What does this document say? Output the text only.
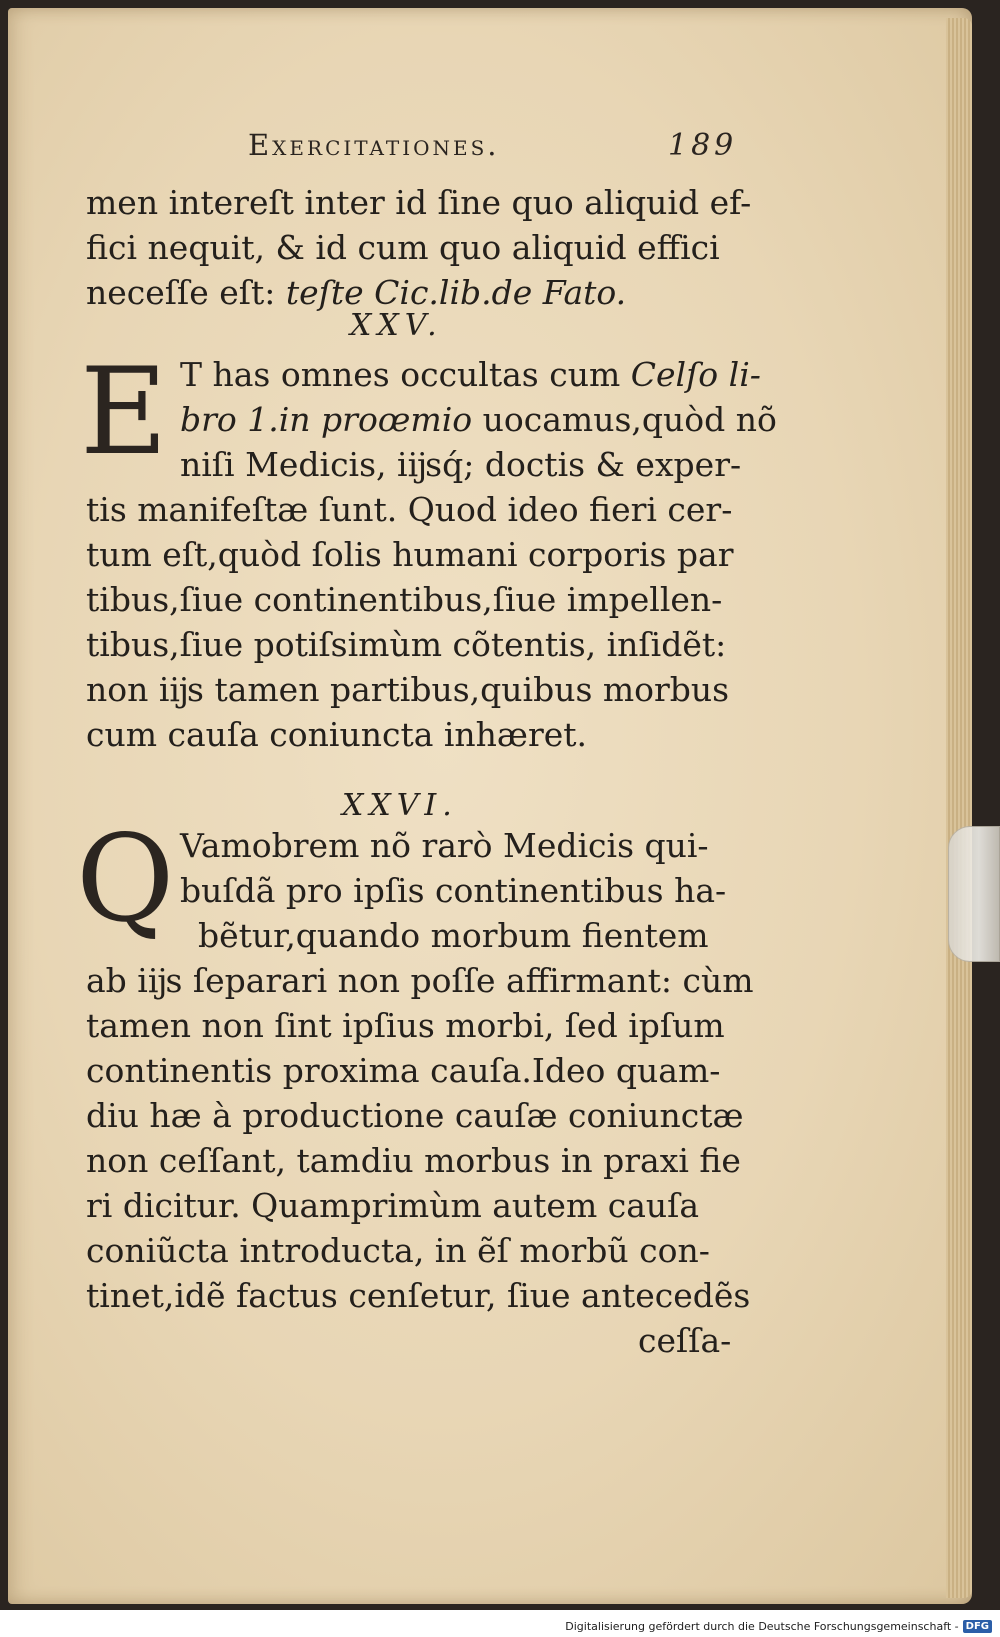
Exercitationes.	189
men intereſt inter id ſine quo aliquid ef-
fici nequit, & id cum quo aliquid effici
neceſſe eſt: teſte Cic.lib.de Fato.
XXV.
E T has omnes occultas cum Celſo li-
bro 1.in proœmio uocamus,quòd nõ
niſi Medicis, iĳsq́; doctis & exper-
tis manifeſtæ ſunt. Quod ideo fieri cer-
tum eſt,quòd ſolis humani corporis par
tibus,ſiue continentibus,ſiue impellen-
tibus,ſiue potiſsimùm cõtentis, inſidẽt:
non iĳs tamen partibus,quibus morbus
cum cauſa coniuncta inhæret.
XXVI.
Q Vamobrem nõ rarò Medicis qui-
buſdã pro ipſis continentibus ha-
bẽtur,quando morbum fientem
ab iĳs ſeparari non poſſe affirmant: cùm
tamen non ſint ipſius morbi, ſed ipſum
continentis proxima cauſa.Ideo quam-
diu hæ à productione cauſæ coniunctæ
non ceſſant, tamdiu morbus in praxi fie
ri dicitur. Quamprimùm autem cauſa
coniũcta introducta, in ẽſ morbũ con-
tinet,idẽ factus cenſetur, ſiue antecedẽs
ceſſa-
Digitalisierung gefördert durch die Deutsche Forschungsgemeinschaft - DFG
